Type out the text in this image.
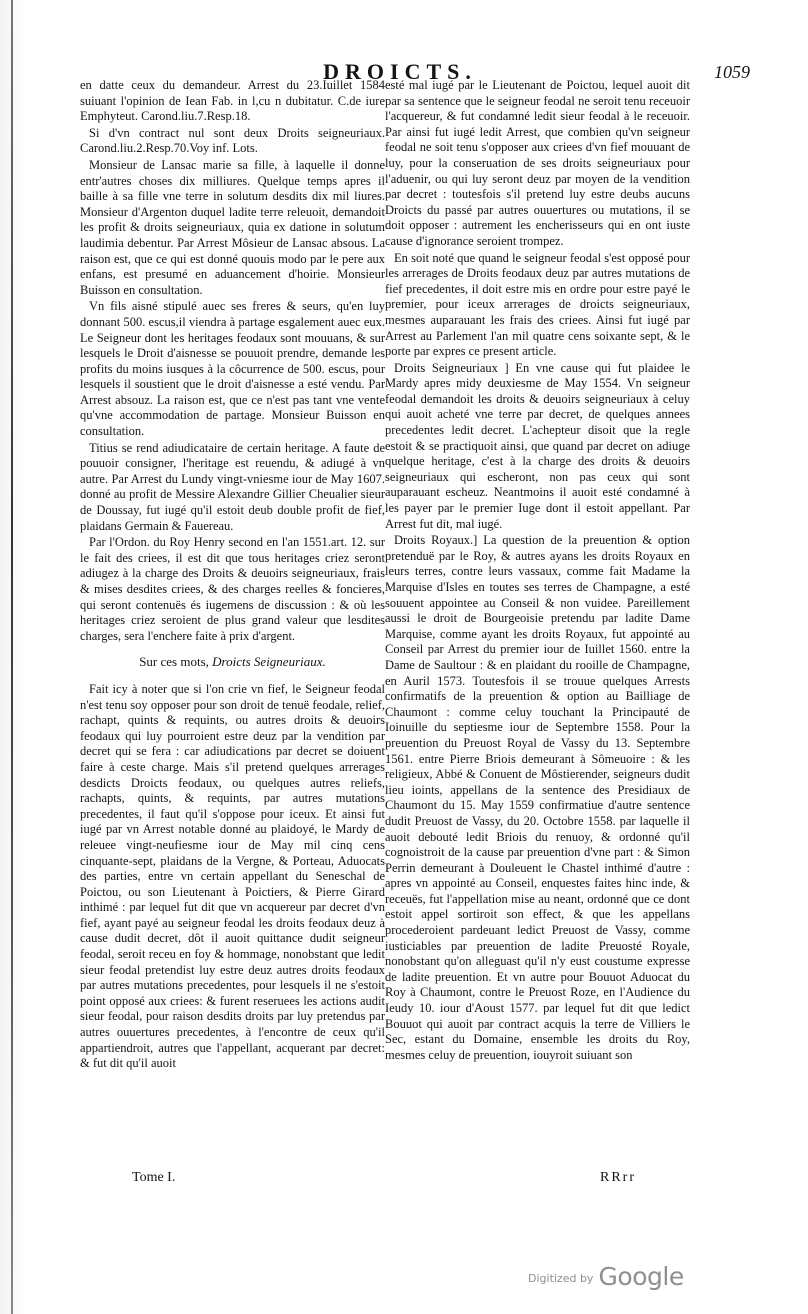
DROICTS.	1059

en datte ceux du demandeur. Arrest du 23.Iuillet 1584 suiuant l'opinion de Iean Fab. in l,cu n dubitatur. C.de iure Emphyteut. Carond.liu.7.Resp.18.

Si d'vn contract nul sont deux Droits seigneuriaux. Carond.liu.2.Resp.70.Voy inf. Lots.

Monsieur de Lansac marie sa fille, à laquelle il donne entr'autres choses dix milliures. Quelque temps apres il baille à sa fille vne terre in solutum desdits dix mil liures. Monsieur d'Argenton duquel ladite terre releuoit, demandoit les profit & droits seigneuriaux, quia ex datione in solutum laudimia debentur. Par Arrest Môsieur de Lansac absous. La raison est, que ce qui est donné quouis modo par le pere aux enfans, est presumé en aduancement d'hoirie. Monsieur Buisson en consultation.

Vn fils aisné stipulé auec ses freres & seurs, qu'en luy donnant 500. escus,il viendra à partage esgalement auec eux. Le Seigneur dont les heritages feodaux sont mouuans, & sur lesquels le Droit d'aisnesse se pouuoit prendre, demande les profits du moins iusques à la côcurrence de 500. escus, pour lesquels il soustient que le droit d'aisnesse a esté vendu. Par Arrest absouz. La raison est, que ce n'est pas tant vne vente qu'vne accommodation de partage. Monsieur Buisson en consultation.

Titius se rend adiudicataire de certain heritage. A faute de pouuoir consigner, l'heritage est reuendu, & adiugé à vn autre. Par Arrest du Lundy vingt-vniesme iour de May 1607. donné au profit de Messire Alexandre Gillier Cheualier sieur de Doussay, fut iugé qu'il estoit deub double profit de fief, plaidans Germain & Fauereau.

Par l'Ordon. du Roy Henry second en l'an 1551.art. 12. sur le fait des criees, il est dit que tous heritages criez seront adiugez à la charge des Droits & deuoirs seigneuriaux, frais & mises desdites criees, & des charges reelles & foncieres, qui seront contenuës és iugemens de discussion : & où les heritages criez seroient de plus grand valeur que lesdites charges, sera l'enchere faite à prix d'argent.

Sur ces mots, Droicts Seigneuriaux.

Fait icy à noter que si l'on crie vn fief, le Seigneur feodal n'est tenu soy opposer pour son droit de tenuë feodale, relief, rachapt, quints & requints, ou autres droits & deuoirs feodaux qui luy pourroient estre deuz par la vendition par decret qui se fera : car adiudications par decret se doiuent faire à ceste charge. Mais s'il pretend quelques arrerages desdicts Droicts feodaux, ou quelques autres reliefs, rachapts, quints, & requints, par autres mutations precedentes, il faut qu'il s'oppose pour iceux. Et ainsi fut iugé par vn Arrest notable donné au plaidoyé, le Mardy de releuee vingt-neufiesme iour de May mil cinq cens cinquante-sept, plaidans de la Vergne, & Porteau, Aduocats des parties, entre vn certain appellant du Seneschal de Poictou, ou son Lieutenant à Poictiers, & Pierre Girard inthimé : par lequel fut dit que vn acquereur par decret d'vn fief, ayant payé au seigneur feodal les droits feodaux deuz à cause dudit decret, dôt il auoit quittance dudit seigneur feodal, seroit receu en foy & hommage, nonobstant que ledit sieur feodal pretendist luy estre deuz autres droits feodaux par autres mutations precedentes, pour lesquels il ne s'estoit point opposé aux criees: & furent reseruees les actions audit sieur feodal, pour raison desdits droits par luy pretendus par autres ouuertures precedentes, à l'encontre de ceux qu'il appartiendroit, autres que l'appellant, acquerant par decret: & fut dit qu'il auoit

esté mal iugé par le Lieutenant de Poictou, lequel auoit dit par sa sentence que le seigneur feodal ne seroit tenu receuoir l'acquereur, & fut condamné ledit sieur feodal à le receuoir. Par ainsi fut iugé ledit Arrest, que combien qu'vn seigneur feodal ne soit tenu s'opposer aux criees d'vn fief mouuant de luy, pour la conseruation de ses droits seigneuriaux pour l'aduenir, ou qui luy seront deuz par moyen de la vendition par decret : toutesfois s'il pretend luy estre deubs aucuns Droicts du passé par autres ouuertures ou mutations, il se doit opposer : autrement les encherisseurs qui en ont iuste cause d'ignorance seroient trompez.

En soit noté que quand le seigneur feodal s'est opposé pour les arrerages de Droits feodaux deuz par autres mutations de fief precedentes, il doit estre mis en ordre pour estre payé le premier, pour iceux arrerages de droicts seigneuriaux, mesmes auparauant les frais des criees. Ainsi fut iugé par Arrest au Parlement l'an mil quatre cens soixante sept, & le porte par expres ce present article.

Droits Seigneuriaux ] En vne cause qui fut plaidee le Mardy apres midy deuxiesme de May 1554. Vn seigneur feodal demandoit les droits & deuoirs seigneuriaux à celuy qui auoit acheté vne terre par decret, de quelques annees precedentes ledit decret. L'achepteur disoit que la regle estoit & se practiquoit ainsi, que quand par decret on adiuge quelque heritage, c'est à la charge des droits & deuoirs seigneuriaux qui escheront, non pas ceux qui sont auparauant escheuz. Neantmoins il auoit esté condamné à les payer par le premier Iuge dont il estoit appellant. Par Arrest fut dit, mal iugé.

Droits Royaux.] La question de la preuention & option pretenduë par le Roy, & autres ayans les droits Royaux en leurs terres, contre leurs vassaux, comme fait Madame la Marquise d'Isles en toutes ses terres de Champagne, a esté souuent appointee au Conseil & non vuidee. Pareillement aussi le droit de Bourgeoisie pretendu par ladite Dame Marquise, comme ayant les droits Royaux, fut appointé au Conseil par Arrest du premier iour de Iuillet 1560. entre la Dame de Saultour : & en plaidant du rooille de Champagne, en Auril 1573. Toutesfois il se trouue quelques Arrests confirmatifs de la preuention & option au Bailliage de Chaumont : comme celuy touchant la Principauté de Ioinuille du septiesme iour de Septembre 1558. Pour la preuention du Preuost Royal de Vassy du 13. Septembre 1561. entre Pierre Briois demeurant à Sômeuoire : & les religieux, Abbé & Conuent de Môstierender, seigneurs dudit lieu ioints, appellans de la sentence des Presidiaux de Chaumont du 15. May 1559 confirmatiue d'autre sentence dudit Preuost de Vassy, du 20. Octobre 1558. par laquelle il auoit debouté ledit Briois du renuoy, & ordonné qu'il cognoistroit de la cause par preuention d'vne part : & Simon Perrin demeurant à Douleuent le Chastel inthimé d'autre : apres vn appointé au Conseil, enquestes faites hinc inde, & receuës, fut l'appellation mise au neant, ordonné que ce dont estoit appel sortiroit son effect, & que les appellans procederoient pardeuant ledict Preuost de Vassy, comme iusticiables par preuention de ladite Preuosté Royale, nonobstant qu'on alleguast qu'il n'y eust coustume expresse de ladite preuention. Et vn autre pour Bouuot Aduocat du Roy à Chaumont, contre le Preuost Roze, en l'Audience du Ieudy 10. iour d'Aoust 1577. par lequel fut dit que ledict Bouuot qui auoit par contract acquis la terre de Villiers le Sec, estant du Domaine, ensemble les droits du Roy, mesmes celuy de preuention, iouyroit suiuant son

Tome I.	RRrr
Digitized by Google
